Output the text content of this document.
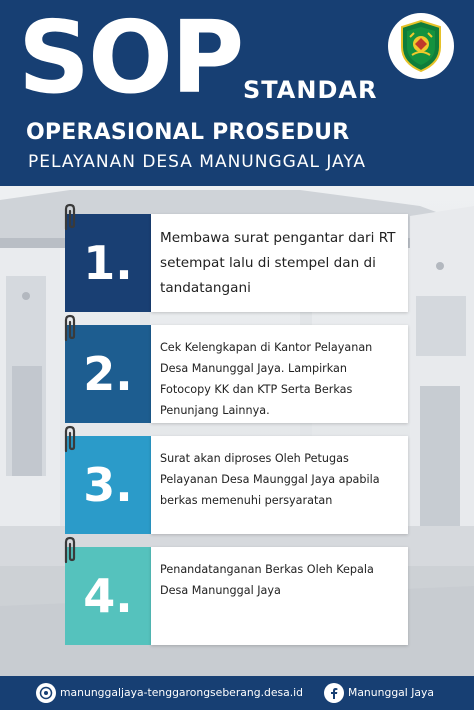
SOP STANDAR
OPERASIONAL PROSEDUR
PELAYANAN DESA MANUNGGAL JAYA
1.	Membawa surat pengantar dari RT setempat lalu di stempel dan di tandatangani
2.	Cek Kelengkapan di Kantor Pelayanan Desa Manunggal Jaya. Lampirkan Fotocopy KK dan KTP Serta Berkas Penunjang Lainnya.
3.	Surat akan diproses Oleh Petugas Pelayanan Desa Maunggal Jaya apabila berkas memenuhi persyaratan
4.	Penandatanganan Berkas Oleh Kepala Desa Manunggal Jaya
manunggaljaya-tenggarongseberang.desa.id	Manunggal Jaya
